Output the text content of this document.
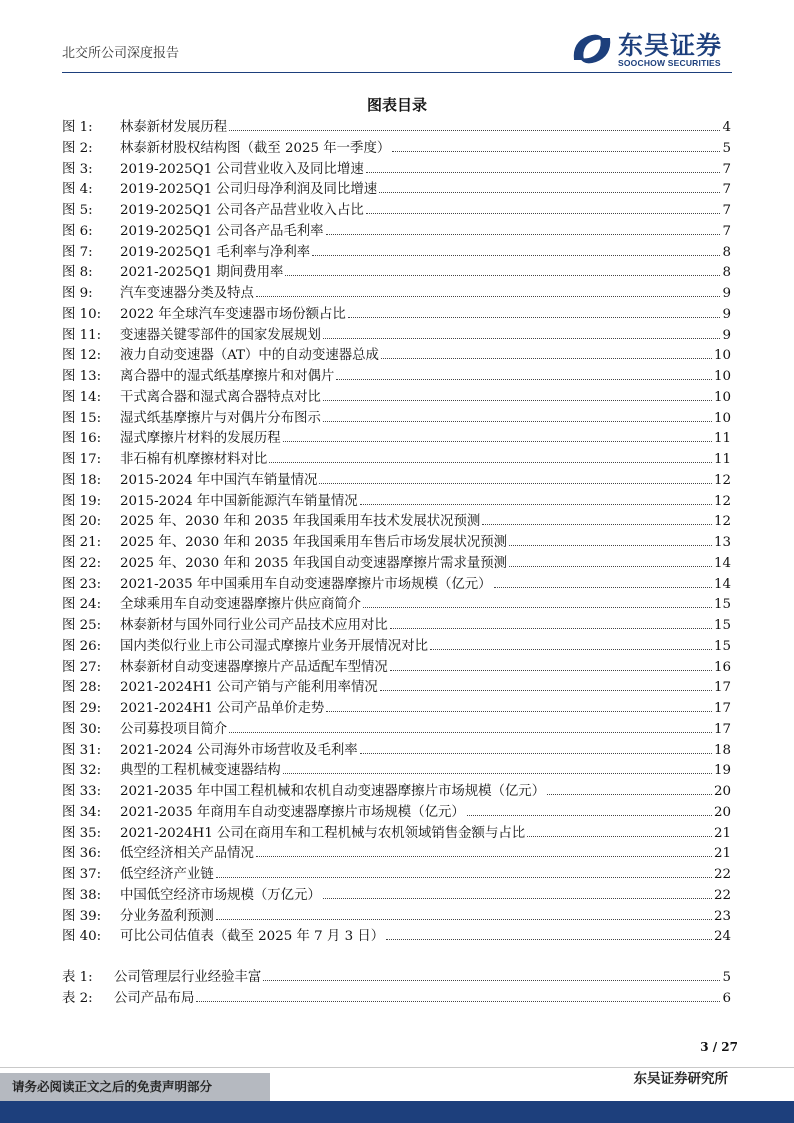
北交所公司深度报告	东吴证券
SOOCHOW SECURITIES
图表目录
图 1:	林泰新材发展历程	4
图 2:	林泰新材股权结构图（截至 2025 年一季度）	5
图 3:	2019-2025Q1 公司营业收入及同比增速	7
图 4:	2019-2025Q1 公司归母净利润及同比增速	7
图 5:	2019-2025Q1 公司各产品营业收入占比	7
图 6:	2019-2025Q1 公司各产品毛利率	7
图 7:	2019-2025Q1 毛利率与净利率	8
图 8:	2021-2025Q1 期间费用率	8
图 9:	汽车变速器分类及特点	9
图 10:	2022 年全球汽车变速器市场份额占比	9
图 11:	变速器关键零部件的国家发展规划	9
图 12:	液力自动变速器（AT）中的自动变速器总成	10
图 13:	离合器中的湿式纸基摩擦片和对偶片	10
图 14:	干式离合器和湿式离合器特点对比	10
图 15:	湿式纸基摩擦片与对偶片分布图示	10
图 16:	湿式摩擦片材料的发展历程	11
图 17:	非石棉有机摩擦材料对比	11
图 18:	2015-2024 年中国汽车销量情况	12
图 19:	2015-2024 年中国新能源汽车销量情况	12
图 20:	2025 年、2030 年和 2035 年我国乘用车技术发展状况预测	12
图 21:	2025 年、2030 年和 2035 年我国乘用车售后市场发展状况预测	13
图 22:	2025 年、2030 年和 2035 年我国自动变速器摩擦片需求量预测	14
图 23:	2021-2035 年中国乘用车自动变速器摩擦片市场规模（亿元）	14
图 24:	全球乘用车自动变速器摩擦片供应商简介	15
图 25:	林泰新材与国外同行业公司产品技术应用对比	15
图 26:	国内类似行业上市公司湿式摩擦片业务开展情况对比	15
图 27:	林泰新材自动变速器摩擦片产品适配车型情况	16
图 28:	2021-2024H1 公司产销与产能利用率情况	17
图 29:	2021-2024H1 公司产品单价走势	17
图 30:	公司募投项目简介	17
图 31:	2021-2024 公司海外市场营收及毛利率	18
图 32:	典型的工程机械变速器结构	19
图 33:	2021-2035 年中国工程机械和农机自动变速器摩擦片市场规模（亿元）	20
图 34:	2021-2035 年商用车自动变速器摩擦片市场规模（亿元）	20
图 35:	2021-2024H1 公司在商用车和工程机械与农机领域销售金额与占比	21
图 36:	低空经济相关产品情况	21
图 37:	低空经济产业链	22
图 38:	中国低空经济市场规模（万亿元）	22
图 39:	分业务盈利预测	23
图 40:	可比公司估值表（截至 2025 年 7 月 3 日）	24
表 1:	公司管理层行业经验丰富	5
表 2:	公司产品布局	6
3 / 27
请务必阅读正文之后的免责声明部分	东吴证券研究所
